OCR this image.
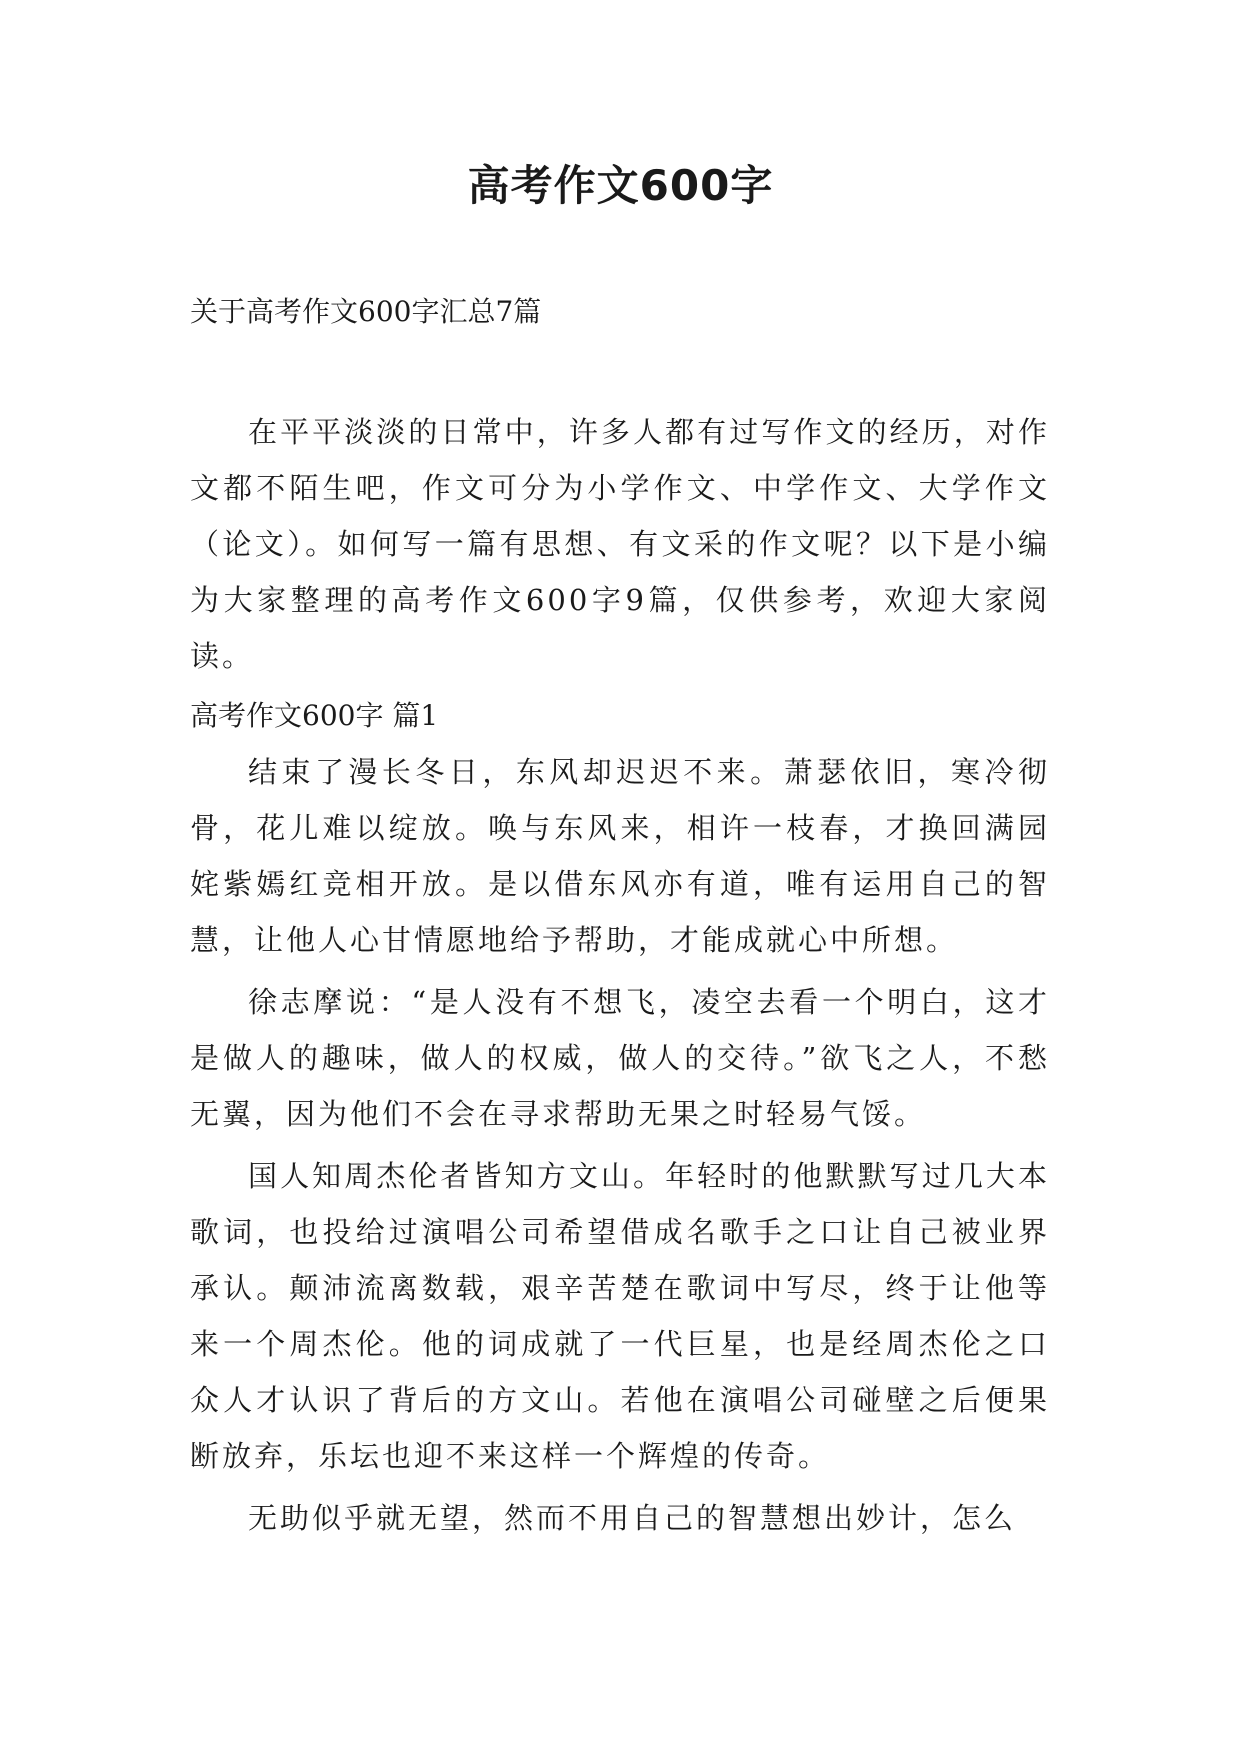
高考作文600字

关于高考作文600字汇总7篇

在平平淡淡的日常中，许多人都有过写作文的经历，对作文都不陌生吧，作文可分为小学作文、中学作文、大学作文（论文）。如何写一篇有思想、有文采的作文呢？以下是小编为大家整理的高考作文600字9篇，仅供参考，欢迎大家阅读。

高考作文600字 篇1

结束了漫长冬日，东风却迟迟不来。萧瑟依旧，寒冷彻骨，花儿难以绽放。唤与东风来，相许一枝春，才换回满园姹紫嫣红竞相开放。是以借东风亦有道，唯有运用自己的智慧，让他人心甘情愿地给予帮助，才能成就心中所想。

徐志摩说：“是人没有不想飞，凌空去看一个明白，这才是做人的趣味，做人的权威，做人的交待。”欲飞之人，不愁无翼，因为他们不会在寻求帮助无果之时轻易气馁。

国人知周杰伦者皆知方文山。年轻时的他默默写过几大本歌词，也投给过演唱公司希望借成名歌手之口让自己被业界承认。颠沛流离数载，艰辛苦楚在歌词中写尽，终于让他等来一个周杰伦。他的词成就了一代巨星，也是经周杰伦之口众人才认识了背后的方文山。若他在演唱公司碰壁之后便果断放弃，乐坛也迎不来这样一个辉煌的传奇。

无助似乎就无望，然而不用自己的智慧想出妙计，怎么
